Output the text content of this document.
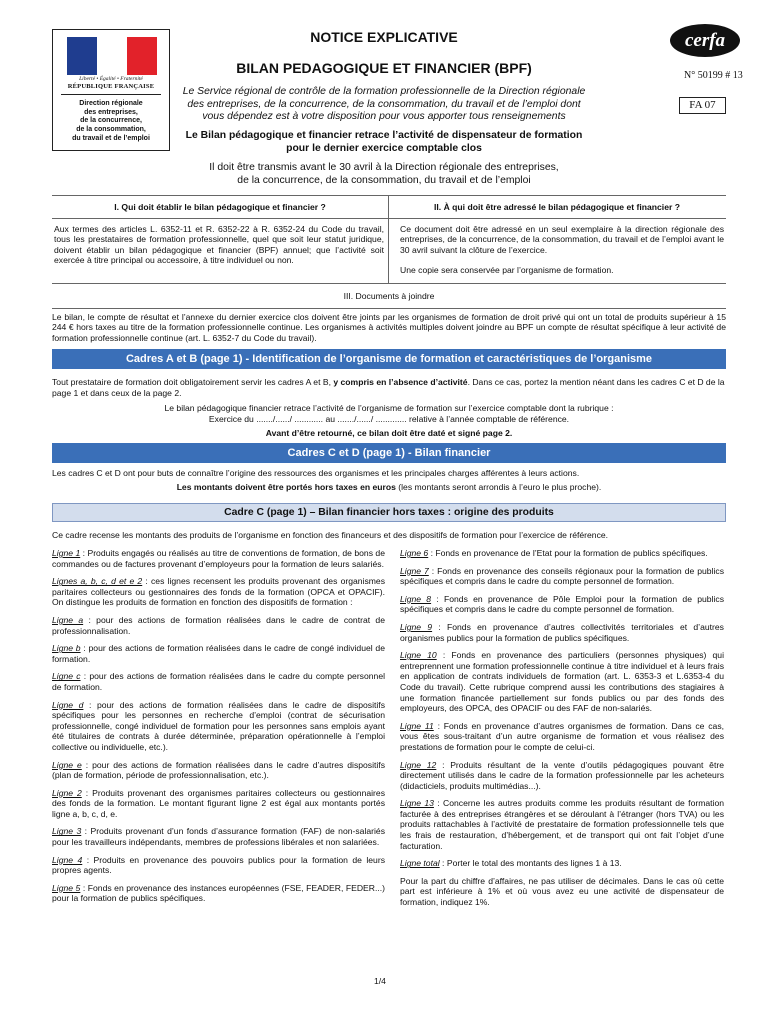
Liberté • Égalité • Fraternité
RÉPUBLIQUE FRANÇAISE
Direction régionale
des entreprises,
de la concurrence,
de la consommation,
du travail et de l’emploi
NOTICE EXPLICATIVE
BILAN PEDAGOGIQUE ET FINANCIER (BPF)
Le Service régional de contrôle de la formation professionnelle de la Direction régionale
des entreprises, de la concurrence, de la consommation, du travail et de l’emploi dont
vous dépendez est à votre disposition pour vous apporter tous renseignements
Le Bilan pédagogique et financier retrace l’activité de dispensateur de formation
pour le dernier exercice comptable clos
Il doit être transmis avant le 30 avril à la Direction régionale des entreprises,
de la concurrence, de la consommation, du travail et de l’emploi
cerfa
N° 50199 # 13
FA 07
I. Qui doit établir le bilan pédagogique et financier ?	II. À qui doit être adressé le bilan pédagogique et financier ?
Aux termes des articles L. 6352-11 et R. 6352-22 à R. 6352-24 du Code du travail, tous les prestataires de formation professionnelle, quel que soit leur statut juridique, doivent établir un bilan pédagogique et financier (BPF) annuel; que l’activité soit exercée à titre principal ou accessoire, à titre individuel ou non.
Ce document doit être adressé en un seul exemplaire à la direction régionale des entreprises, de la concurrence, de la consommation, du travail et de l’emploi avant le 30 avril suivant la clôture de l’exercice.
Une copie sera conservée par l’organisme de formation.
III. Documents à joindre
Le bilan, le compte de résultat et l’annexe du dernier exercice clos doivent être joints par les organismes de formation de droit privé qui ont un total de produits supérieur à 15 244 € hors taxes au titre de la formation professionnelle continue. Les organismes à activités multiples doivent joindre au BPF un compte de résultat spécifique à leur activité de formation professionnelle continue (art. L. 6352-7 du Code du travail).
Cadres A et B (page 1) - Identification de l’organisme de formation et caractéristiques de l’organisme
Tout prestataire de formation doit obligatoirement servir les cadres A et B, y compris en l’absence d’activité. Dans ce cas, portez la mention néant dans les cadres C et D de la page 1 et dans ceux de la page 2.
Le bilan pédagogique financier retrace l’activité de l’organisme de formation sur l’exercice comptable dont la rubrique :
Exercice du ......./....../ ............ au ......./....../ ............. relative à l’année comptable de référence.
Avant d’être retourné, ce bilan doit être daté et signé page 2.
Cadres C et D (page 1) - Bilan financier
Les cadres C et D ont pour buts de connaître l’origine des ressources des organismes et les principales charges afférentes à leurs actions.
Les montants doivent être portés hors taxes en euros (les montants seront arrondis à l’euro le plus proche).
Cadre C (page 1) – Bilan financier hors taxes : origine des produits
Ce cadre recense les montants des produits de l’organisme en fonction des financeurs et des dispositifs de formation pour l’exercice de référence.
Ligne 1 : Produits engagés ou réalisés au titre de conventions de formation, de bons de commandes ou de factures provenant d’employeurs pour la formation de leurs salariés.
Lignes a, b, c, d et e 2 : ces lignes recensent les produits provenant des organismes paritaires collecteurs ou gestionnaires des fonds de la formation (OPCA et OPACIF). On distingue les produits de formation en fonction des dispositifs de formation :
Ligne a : pour des actions de formation réalisées dans le cadre de contrat de professionnalisation.
Ligne b : pour des actions de formation réalisées dans le cadre de congé individuel de formation.
Ligne c : pour des actions de formation réalisées dans le cadre du compte personnel de formation.
Ligne d : pour des actions de formation réalisées dans le cadre de dispositifs spécifiques pour les personnes en recherche d’emploi (contrat de sécurisation professionnelle, congé individuel de formation pour les personnes sans emplois ayant été titulaires de contrats à durée déterminée, préparation opérationnelle à l’emploi collective ou individuelle, etc.).
Ligne e : pour des actions de formation réalisées dans le cadre d’autres dispositifs (plan de formation, période de professionnalisation, etc.).
Ligne 2 : Produits provenant des organismes paritaires collecteurs ou gestionnaires des fonds de la formation. Le montant figurant ligne 2 est égal aux montants portés ligne a, b, c, d, e.
Ligne 3 : Produits provenant d’un fonds d’assurance formation (FAF) de non-salariés pour les travailleurs indépendants, membres de professions libérales et non salariées.
Ligne 4 : Produits en provenance des pouvoirs publics pour la formation de leurs propres agents.
Ligne 5 : Fonds en provenance des instances européennes (FSE, FEADER, FEDER...) pour la formation de publics spécifiques.
Ligne 6 : Fonds en provenance de l’Etat pour la formation de publics spécifiques.
Ligne 7 : Fonds en provenance des conseils régionaux pour la formation de publics spécifiques et compris dans le cadre du compte personnel de formation.
Ligne 8 : Fonds en provenance de Pôle Emploi pour la formation de publics spécifiques et compris dans le cadre du compte personnel de formation.
Ligne 9 : Fonds en provenance d’autres collectivités territoriales et d’autres organismes publics pour la formation de publics spécifiques.
Ligne 10 : Fonds en provenance des particuliers (personnes physiques) qui entreprennent une formation professionnelle continue à titre individuel et à leurs frais en application de contrats individuels de formation (art. L. 6353-3 et L.6353-4 du Code du travail). Cette rubrique comprend aussi les contributions des stagiaires à une formation financée partiellement sur fonds publics ou par des fonds des employeurs, des OPCA, des OPACIF ou des FAF de non-salariés.
Ligne 11 : Fonds en provenance d’autres organismes de formation. Dans ce cas, vous êtes sous-traitant d’un autre organisme de formation et vous réalisez des prestations de formation pour le compte de celui-ci.
Ligne 12 : Produits résultant de la vente d’outils pédagogiques pouvant être directement utilisés dans le cadre de la formation professionnelle par les acheteurs (didacticiels, produits multimédias...).
Ligne 13 : Concerne les autres produits comme les produits résultant de formation facturée à des entreprises étrangères et se déroulant à l’étranger (hors TVA) ou les produits rattachables à l’activité de prestataire de formation professionnelle tels que les frais de restauration, d’hébergement, et de transport qui ont fait l’objet d’une facturation.
Ligne total : Porter le total des montants des lignes 1 à 13.
Pour la part du chiffre d’affaires, ne pas utiliser de décimales. Dans le cas où cette part est inférieure à 1% et où vous avez eu une activité de dispensateur de formation, indiquez 1%.
1/4
